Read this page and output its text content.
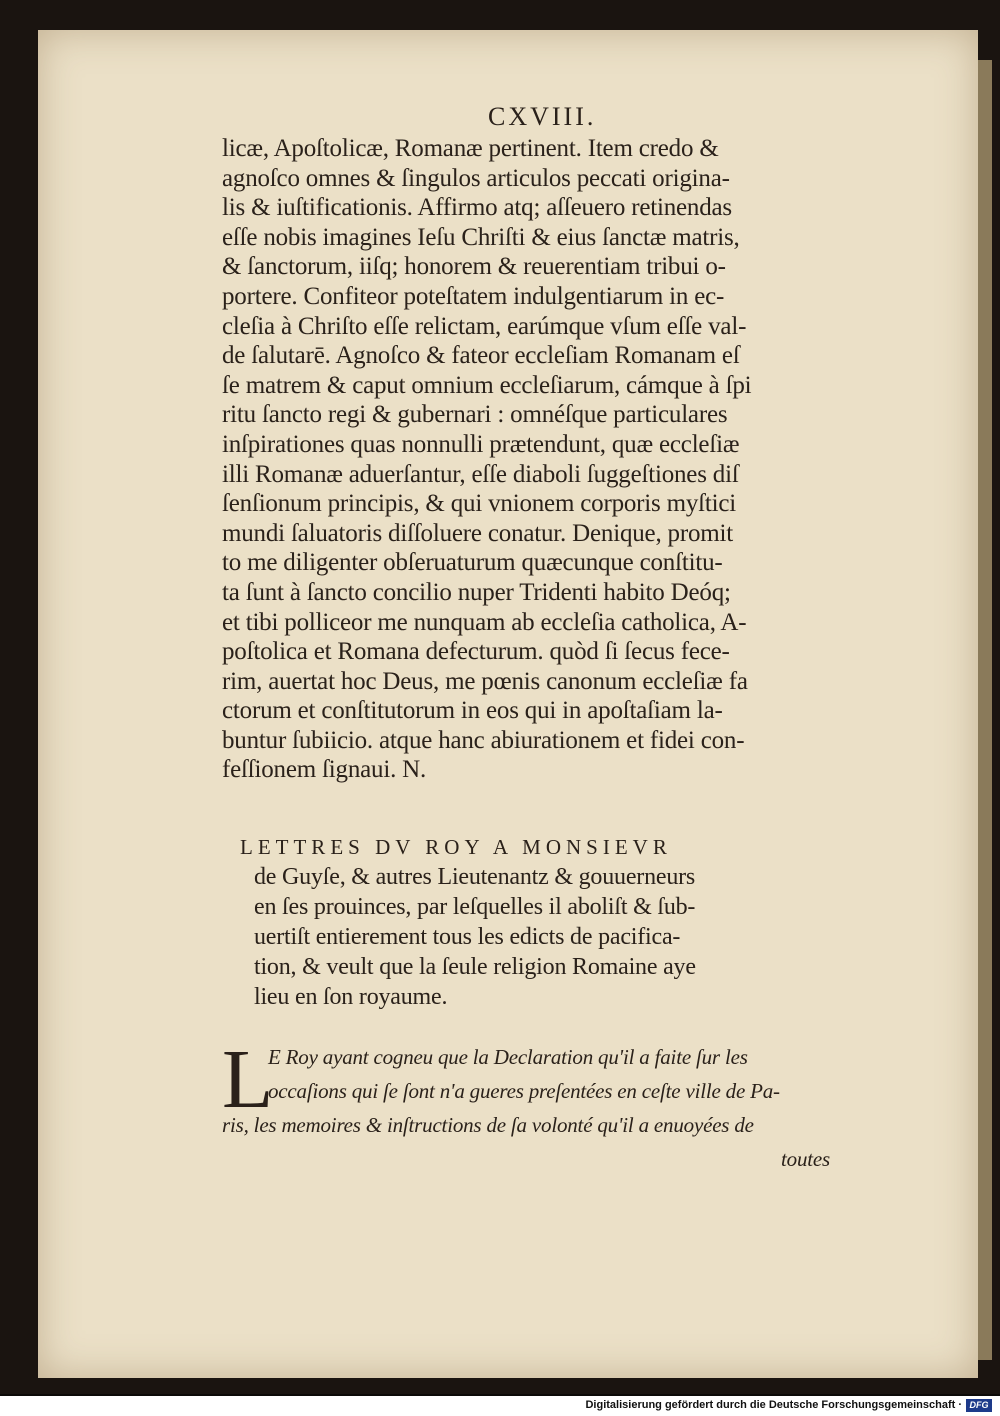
CXVIII.
licæ, Apoſtolicæ, Romanæ pertinent. Item credo &
agnoſco omnes & ſingulos articulos peccati origina-
lis & iuſtificationis. Affirmo atq; aſſeuero retinendas
eſſe nobis imagines Ieſu Chriſti & eius ſanctæ matris,
& ſanctorum, iiſq; honorem & reuerentiam tribui o-
portere. Confiteor poteſtatem indulgentiarum in ec-
cleſia à Chriſto eſſe relictam, earúmque vſum eſſe val-
de ſalutarē. Agnoſco & fateor eccleſiam Romanam eſ
ſe matrem & caput omnium eccleſiarum, cámque à ſpi
ritu ſancto regi & gubernari : omnéſque particulares
inſpirationes quas nonnulli prætendunt, quæ eccleſiæ
illi Romanæ aduerſantur, eſſe diaboli ſuggeſtiones diſ
ſenſionum principis, & qui vnionem corporis myſtici
mundi ſaluatoris diſſoluere conatur. Denique, promit
to me diligenter obſeruaturum quæcunque conſtitu-
ta ſunt à ſancto concilio nuper Tridenti habito Deóq;
et tibi polliceor me nunquam ab eccleſia catholica, A-
poſtolica et Romana defecturum. quòd ſi ſecus fece-
rim, auertat hoc Deus, me pœnis canonum eccleſiæ fa
ctorum et conſtitutorum in eos qui in apoſtaſiam la-
buntur ſubiicio. atque hanc abiurationem et fidei con-
feſſionem ſignaui. N.
LETTRES DV ROY A MONSIEVR
de Guyſe, & autres Lieutenantz & gouuerneurs
en ſes prouinces, par leſquelles il aboliſt & ſub-
uertiſt entierement tous les edicts de pacifica-
tion, & veult que la ſeule religion Romaine aye
lieu en ſon royaume.
L
E Roy ayant cogneu que la Declaration qu'il a faite ſur les
occaſions qui ſe ſont n'a gueres preſentées en ceſte ville de Pa-
ris, les memoires & inſtructions de ſa volonté qu'il a enuoyées de
toutes
Digitalisierung gefördert durch die Deutsche Forschungsgemeinschaft · DFG
